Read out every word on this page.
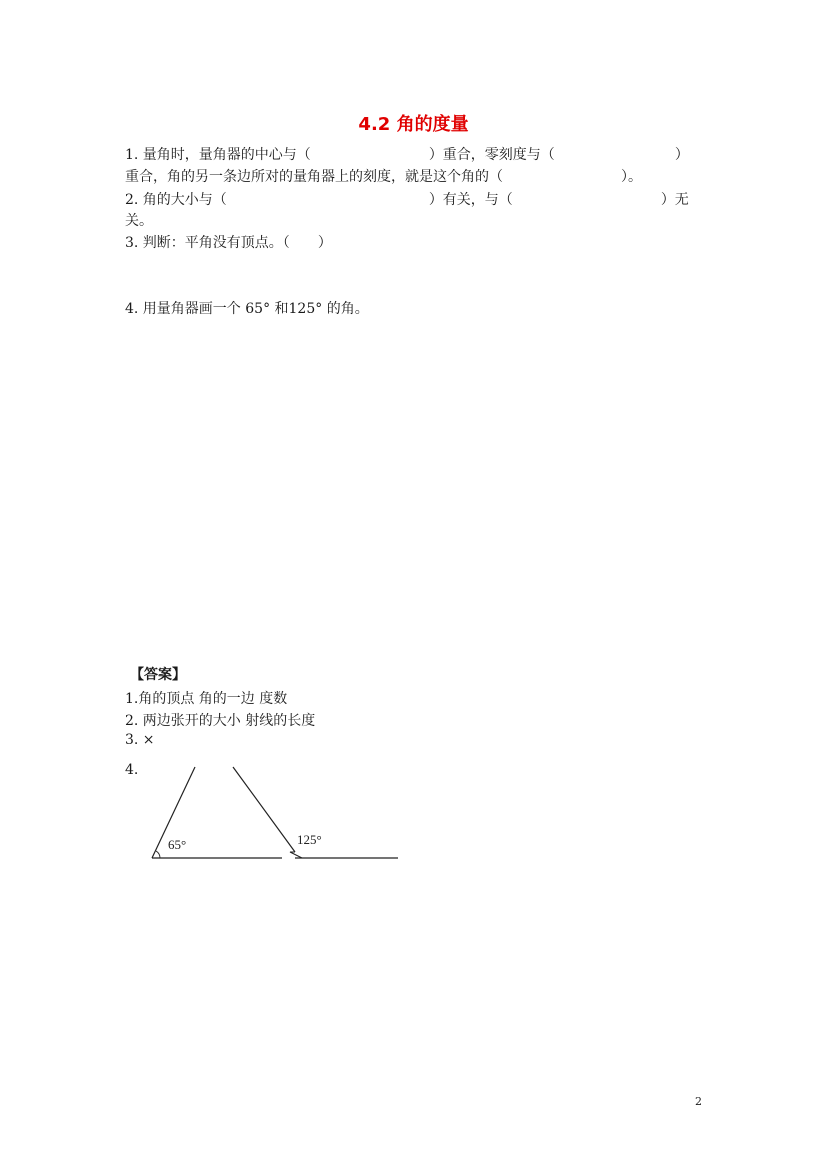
4.2 角的度量
1. 量角时，量角器的中心与（	）重合，零刻度与（	）
重合，角的另一条边所对的量角器上的刻度，就是这个角的（	）。
2. 角的大小与（	）有关，与（	）无
关。
3. 判断：平角没有顶点。（ ）
4. 用量角器画一个 65° 和125° 的角。
【答案】
1.角的顶点 角的一边 度数
2. 两边张开的大小 射线的长度
3. ×
4.
65°	125°
2
